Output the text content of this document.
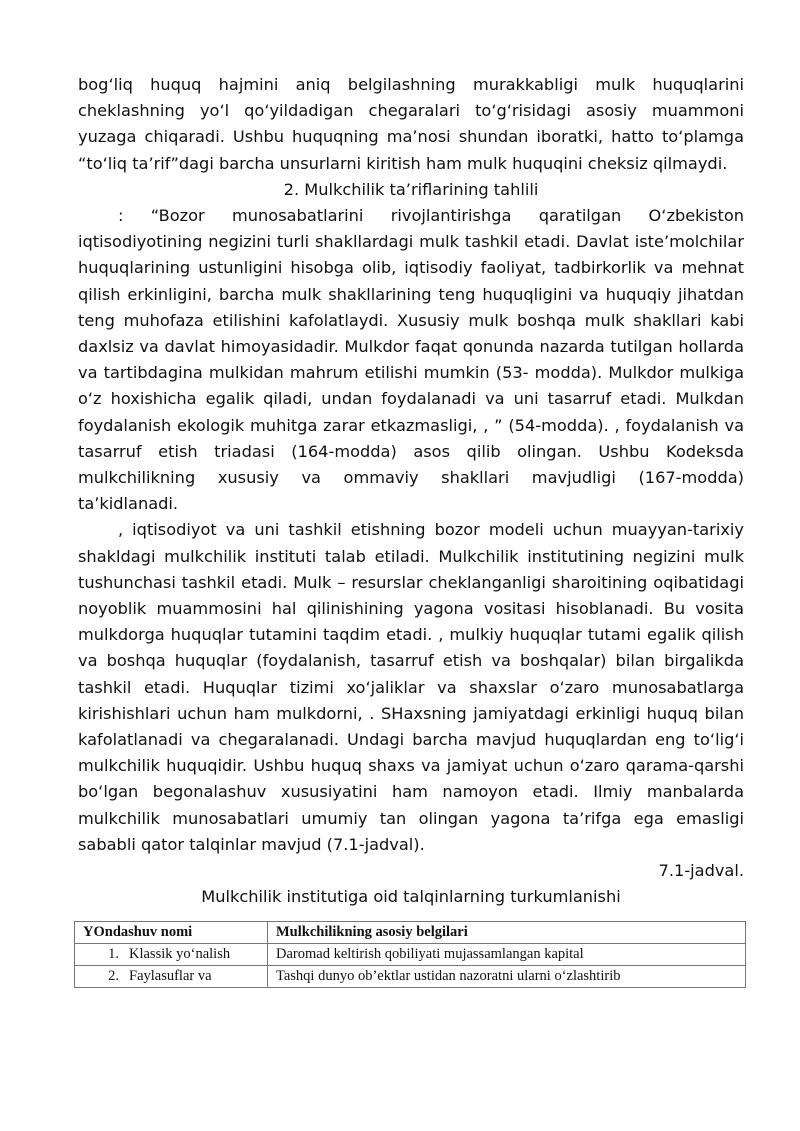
bog‘liq huquq hajmini aniq belgilashning murakkabligi mulk huquqlarini cheklashning yo‘l qo‘yildadigan chegaralari to‘g‘risidagi asosiy muammoni yuzaga chiqaradi. Ushbu huquqning ma’nosi shundan iboratki, hatto to‘plamga “to‘liq ta’rif”dagi barcha unsurlarni kiritish ham mulk huquqini cheksiz qilmaydi.

2. Mulkchilik ta’riflarining tahlili

: “Bozor munosabatlarini rivojlantirishga qaratilgan O‘zbekiston iqtisodiyotining negizini turli shakllardagi mulk tashkil etadi. Davlat iste’molchilar huquqlarining ustunligini hisobga olib, iqtisodiy faoliyat, tadbirkorlik va mehnat qilish erkinligini, barcha mulk shakllarining teng huquqligini va huquqiy jihatdan teng muhofaza etilishini kafolatlaydi. Xususiy mulk boshqa mulk shakllari kabi daxlsiz va davlat himoyasidadir. Mulkdor faqat qonunda nazarda tutilgan hollarda va tartibdagina mulkidan mahrum etilishi mumkin (53- modda). Mulkdor mulkiga o‘z hoxishicha egalik qiladi, undan foydalanadi va uni tasarruf etadi. Mulkdan foydalanish ekologik muhitga zarar etkazmasligi, , ” (54-modda). , foydalanish va tasarruf etish triadasi (164-modda) asos qilib olingan. Ushbu Kodeksda mulkchilikning xususiy va ommaviy shakllari mavjudligi (167-modda) ta’kidlanadi.

, iqtisodiyot va uni tashkil etishning bozor modeli uchun muayyan-tarixiy shakldagi mulkchilik instituti talab etiladi. Mulkchilik institutining negizini mulk tushunchasi tashkil etadi. Mulk – resurslar cheklanganligi sharoitining oqibatidagi noyoblik muammosini hal qilinishining yagona vositasi hisoblanadi. Bu vosita mulkdorga huquqlar tutamini taqdim etadi. , mulkiy huquqlar tutami egalik qilish va boshqa huquqlar (foydalanish, tasarruf etish va boshqalar) bilan birgalikda tashkil etadi. Huquqlar tizimi xo‘jaliklar va shaxslar o‘zaro munosabatlarga kirishishlari uchun ham mulkdorni, . SHaxsning jamiyatdagi erkinligi huquq bilan kafolatlanadi va chegaralanadi. Undagi barcha mavjud huquqlardan eng to‘lig‘i mulkchilik huquqidir. Ushbu huquq shaxs va jamiyat uchun o‘zaro qarama-qarshi bo‘lgan begonalashuv xususiyatini ham namoyon etadi. Ilmiy manbalarda mulkchilik munosabatlari umumiy tan olingan yagona ta’rifga ega emasligi sababli qator talqinlar mavjud (7.1-jadval).

7.1-jadval.

Mulkchilik institutiga oid talqinlarning turkumlanishi

YOndashuv nomi	Mulkchilikning asosiy belgilari
1. Klassik yo‘nalish	Daromad keltirish qobiliyati mujassamlangan kapital
2. Faylasuflar va	Tashqi dunyo ob’ektlar ustidan nazoratni ularni o‘zlashtirib
